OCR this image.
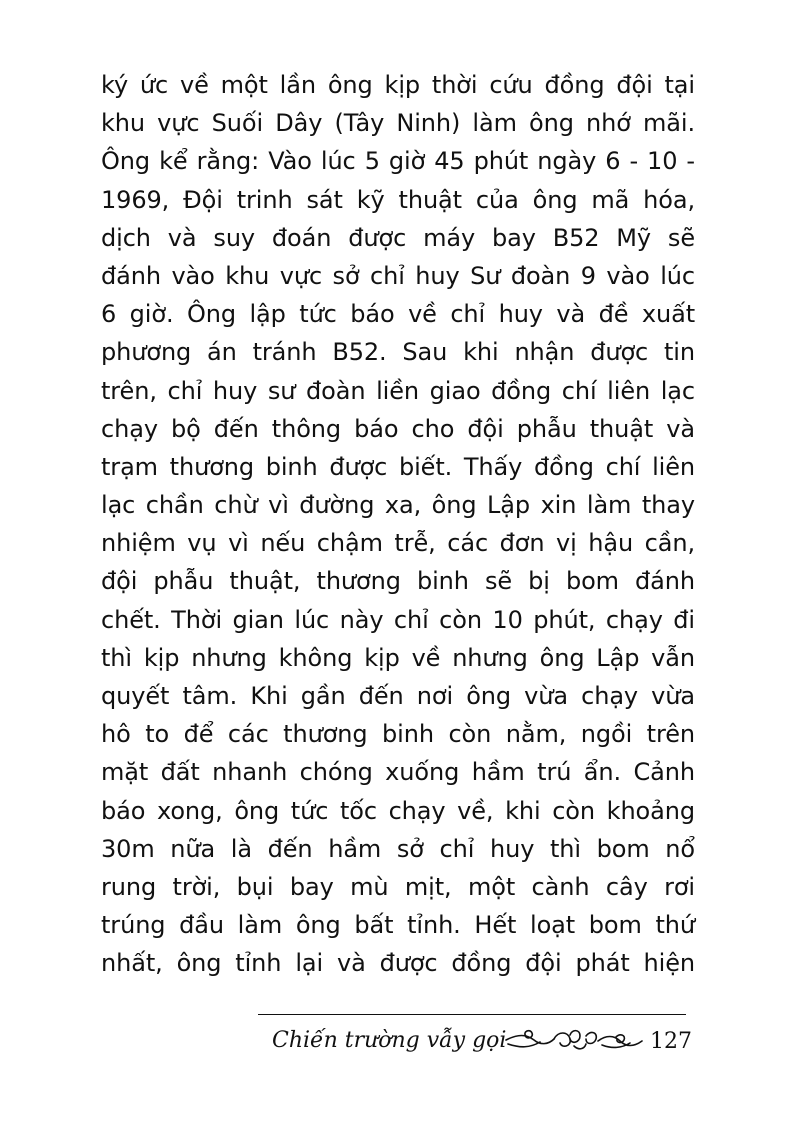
ký ức về một lần ông kịp thời cứu đồng đội tại
khu vực Suối Dây (Tây Ninh) làm ông nhớ mãi.
Ông kể rằng: Vào lúc 5 giờ 45 phút ngày 6 - 10 -
1969, Đội trinh sát kỹ thuật của ông mã hóa,
dịch và suy đoán được máy bay B52 Mỹ sẽ
đánh vào khu vực sở chỉ huy Sư đoàn 9 vào lúc
6 giờ. Ông lập tức báo về chỉ huy và đề xuất
phương án tránh B52. Sau khi nhận được tin
trên, chỉ huy sư đoàn liền giao đồng chí liên lạc
chạy bộ đến thông báo cho đội phẫu thuật và
trạm thương binh được biết. Thấy đồng chí liên
lạc chần chừ vì đường xa, ông Lập xin làm thay
nhiệm vụ vì nếu chậm trễ, các đơn vị hậu cần,
đội phẫu thuật, thương binh sẽ bị bom đánh
chết. Thời gian lúc này chỉ còn 10 phút, chạy đi
thì kịp nhưng không kịp về nhưng ông Lập vẫn
quyết tâm. Khi gần đến nơi ông vừa chạy vừa
hô to để các thương binh còn nằm, ngồi trên
mặt đất nhanh chóng xuống hầm trú ẩn. Cảnh
báo xong, ông tức tốc chạy về, khi còn khoảng
30m nữa là đến hầm sở chỉ huy thì bom nổ
rung trời, bụi bay mù mịt, một cành cây rơi
trúng đầu làm ông bất tỉnh. Hết loạt bom thứ
nhất, ông tỉnh lại và được đồng đội phát hiện
Chiến trường vẫy gọi	127
